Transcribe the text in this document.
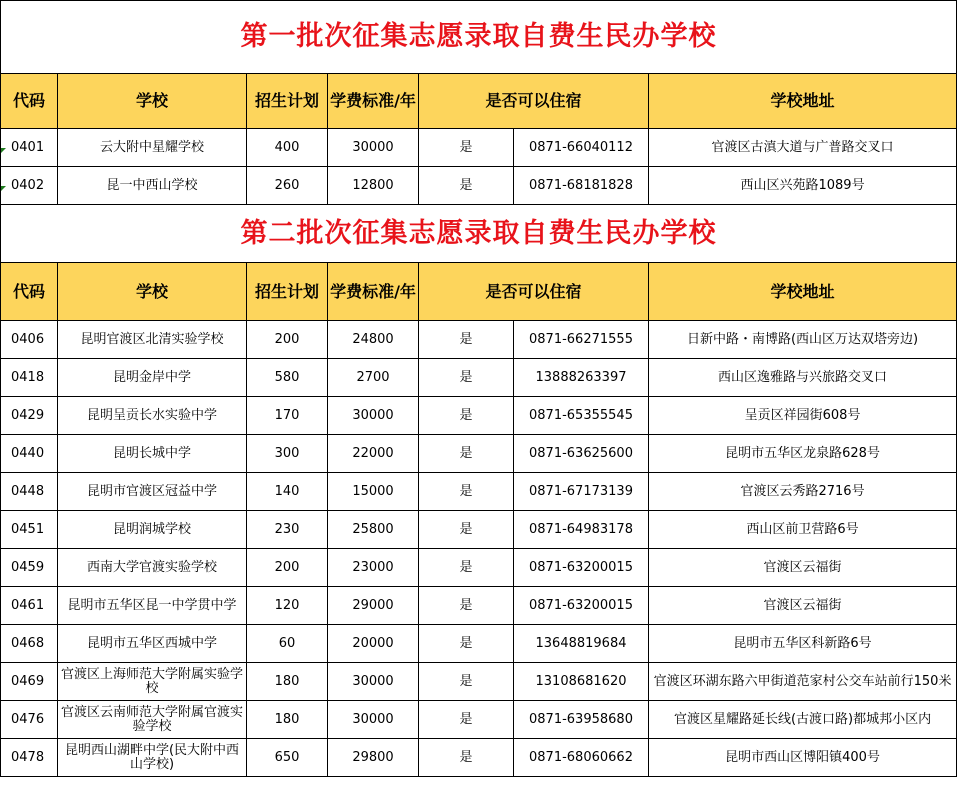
第一批次征集志愿录取自费生民办学校						
代码	学校	招生计划	学费标准/年	是否可以住宿		学校地址
0401	云大附中星耀学校	400	30000	是	0871-66040112	官渡区古滇大道与广普路交叉口
0402	昆一中西山学校	260	12800	是	0871-68181828	西山区兴苑路1089号
第二批次征集志愿录取自费生民办学校						
代码	学校	招生计划	学费标准/年	是否可以住宿		学校地址
0406	昆明官渡区北清实验学校	200	24800	是	0871-66271555	日新中路・南博路(西山区万达双塔旁边)
0418	昆明金岸中学	580	2700	是	13888263397	西山区逸雅路与兴旅路交叉口
0429	昆明呈贡长水实验中学	170	30000	是	0871-65355545	呈贡区祥园街608号
0440	昆明长城中学	300	22000	是	0871-63625600	昆明市五华区龙泉路628号
0448	昆明市官渡区冠益中学	140	15000	是	0871-67173139	官渡区云秀路2716号
0451	昆明润城学校	230	25800	是	0871-64983178	西山区前卫营路6号
0459	西南大学官渡实验学校	200	23000	是	0871-63200015	官渡区云福街
0461	昆明市五华区昆一中学贯中学	120	29000	是	0871-63200015	官渡区云福街
0468	昆明市五华区西城中学	60	20000	是	13648819684	昆明市五华区科新路6号
0469	官渡区上海师范大学附属实验学校	180	30000	是	13108681620	官渡区环湖东路六甲街道范家村公交车站前行150米
0476	官渡区云南师范大学附属官渡实验学校	180	30000	是	0871-63958680	官渡区星耀路延长线(古渡口路)都城邦小区内
0478	昆明西山湖畔中学(民大附中西山学校)	650	29800	是	0871-68060662	昆明市西山区博阳镇400号
